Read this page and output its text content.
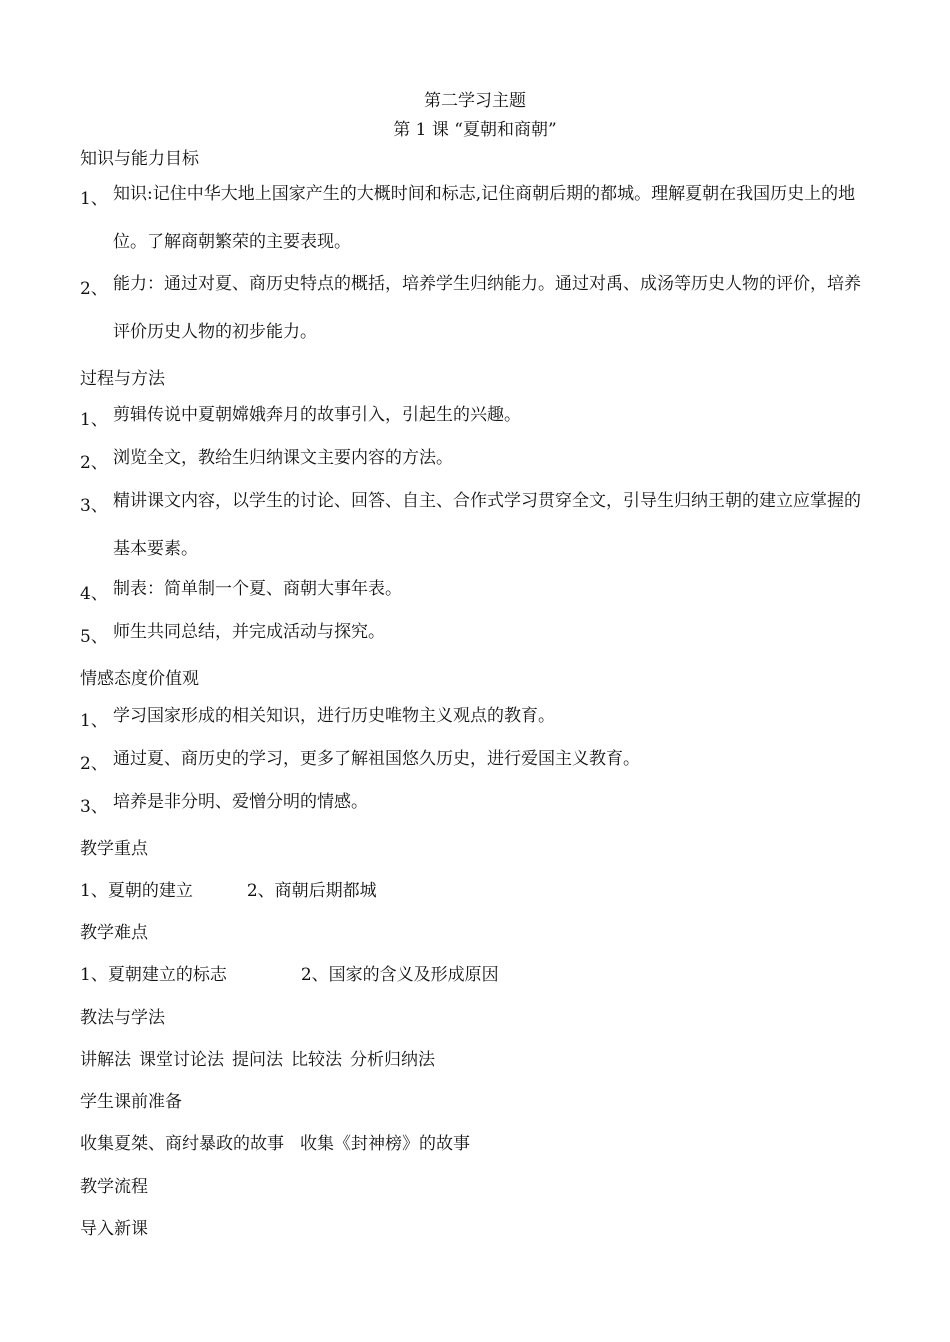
第二学习主题
第 1 课 “夏朝和商朝”
知识与能力目标
1、 知识:记住中华大地上国家产生的大概时间和标志,记住商朝后期的都城。理解夏朝在我国历史上的地位。了解商朝繁荣的主要表现。
2、 能力：通过对夏、商历史特点的概括，培养学生归纳能力。通过对禹、成汤等历史人物的评价，培养评价历史人物的初步能力。
过程与方法
1、 剪辑传说中夏朝嫦娥奔月的故事引入，引起生的兴趣。
2、 浏览全文，教给生归纳课文主要内容的方法。
3、 精讲课文内容，以学生的讨论、回答、自主、合作式学习贯穿全文，引导生归纳王朝的建立应掌握的基本要素。
4、 制表：简单制一个夏、商朝大事年表。
5、 师生共同总结，并完成活动与探究。
情感态度价值观
1、 学习国家形成的相关知识，进行历史唯物主义观点的教育。
2、 通过夏、商历史的学习，更多了解祖国悠久历史，进行爱国主义教育。
3、 培养是非分明、爱憎分明的情感。
教学重点
1、夏朝的建立	2、商朝后期都城
教学难点
1、夏朝建立的标志	2、国家的含义及形成原因
教法与学法
讲解法 课堂讨论法 提问法 比较法 分析归纳法
学生课前准备
收集夏桀、商纣暴政的故事 收集《封神榜》的故事
教学流程
导入新课
